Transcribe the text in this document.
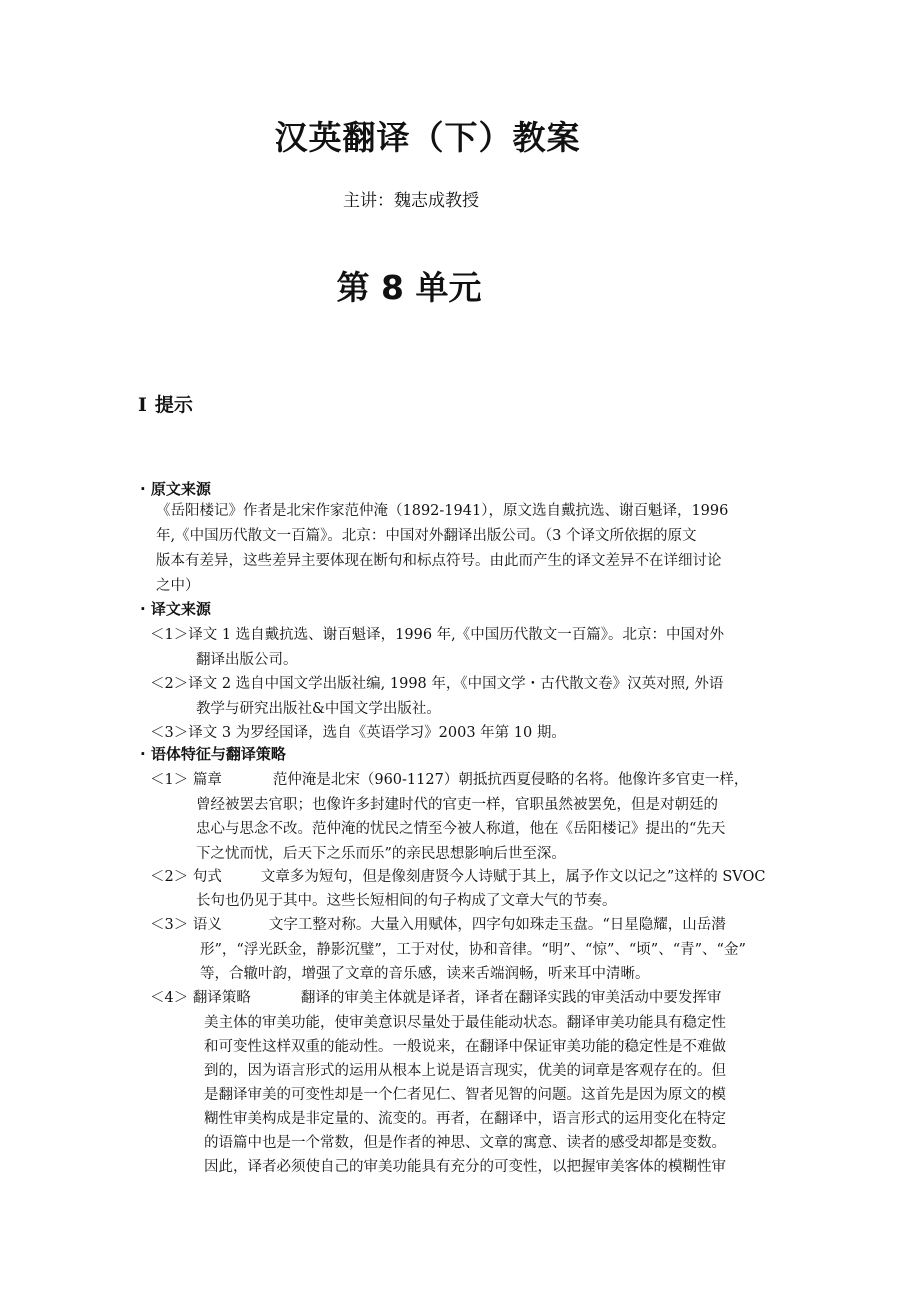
汉英翻译（下）教案
主讲：魏志成教授
第 8 单元
I 提示
· 原文来源
《岳阳楼记》作者是北宋作家范仲淹（1892-1941），原文选自戴抗选、谢百魁译，1996
年,《中国历代散文一百篇》。北京：中国对外翻译出版公司。（3 个译文所依据的原文
版本有差异，这些差异主要体现在断句和标点符号。由此而产生的译文差异不在详细讨论
之中）
· 译文来源
＜1＞译文 1 选自戴抗选、谢百魁译，1996 年,《中国历代散文一百篇》。北京：中国对外
翻译出版公司。
＜2＞译文 2 选自中国文学出版社编, 1998 年，《中国文学・古代散文卷》汉英对照, 外语
教学与研究出版社&中国文学出版社。
＜3＞译文 3 为罗经国译，选自《英语学习》2003 年第 10 期。
· 语体特征与翻译策略
＜1＞ 篇章	范仲淹是北宋（960-1127）朝抵抗西夏侵略的名将。他像许多官吏一样，
曾经被罢去官职；也像许多封建时代的官吏一样，官职虽然被罢免，但是对朝廷的
忠心与思念不改。范仲淹的忧民之情至今被人称道，他在《岳阳楼记》提出的“先天
下之忧而忧，后天下之乐而乐”的亲民思想影响后世至深。
＜2＞ 句式	文章多为短句，但是像刻唐贤今人诗赋于其上，属予作文以记之”这样的 SVOC
长句也仍见于其中。这些长短相间的句子构成了文章大气的节奏。
＜3＞ 语义	文字工整对称。大量入用赋体，四字句如珠走玉盘。“日星隐耀，山岳潜
形”，“浮光跃金，静影沉璧”，工于对仗，协和音律。“明”、“惊”、“顷”、“青”、“金”
等，合辙叶韵，增强了文章的音乐感，读来舌端润畅，听来耳中清晰。
＜4＞ 翻译策略	翻译的审美主体就是译者，译者在翻译实践的审美活动中要发挥审
美主体的审美功能，使审美意识尽量处于最佳能动状态。翻译审美功能具有稳定性
和可变性这样双重的能动性。一般说来，在翻译中保证审美功能的稳定性是不难做
到的，因为语言形式的运用从根本上说是语言现实，优美的词章是客观存在的。但
是翻译审美的可变性却是一个仁者见仁、智者见智的问题。这首先是因为原文的模
糊性审美构成是非定量的、流变的。再者，在翻译中，语言形式的运用变化在特定
的语篇中也是一个常数，但是作者的神思、文章的寓意、读者的感受却都是变数。
因此，译者必须使自己的审美功能具有充分的可变性，以把握审美客体的模糊性审
